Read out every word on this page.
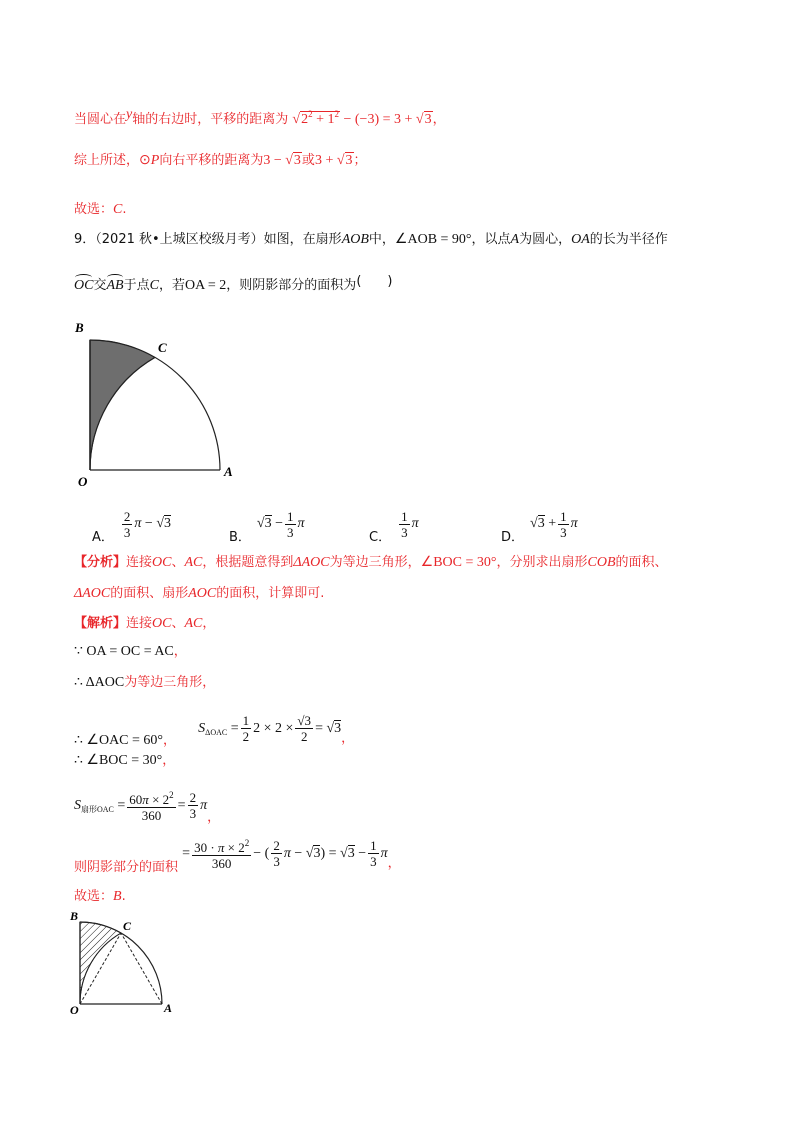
当圆心在y轴的右边时，平移的距离为 $√2^2 + 1^2 - (-3) = 3 + √3$，
综上所述，⊙P向右平移的距离为3 − √3或3 + √3；
故选：C.
9．（2021 秋•上城区校级月考）如图，在扇形AOB中，∠AOB = 90°，以点A为圆心，OA的长为半径作
OC交AB于点C，若OA = 2，则阴影部分的面积为(　　)
B
C
O
A
A． $\frac{2}{3}$ π − √3
B．
$√3 - \frac{1}{3}$ π
C． $\frac{1}{3}$ π
D．
$√3 + \frac{1}{3}$ π
【分析】连接OC、AC，根据题意得到ΔAOC为等边三角形，∠BOC = 30°，分别求出扇形COB的面积、
ΔAOC的面积、扇形AOC的面积，计算即可.
【解析】连接OC、AC，
∵ OA = OC = AC，
∴ ΔAOC为等边三角形，
∴ ∠OAC = 60°， $S_{\Delta OAC} = \frac{1}{2} 2 \times 2 \times \frac{√3}{2} = √3$，
∴ ∠BOC = 30°，
$S_{扇形OAC} = \frac{60\pi \times 2^2}{360} = \frac{2}{3}$ π，
则阴影部分的面积 = $\frac{30 \cdot \pi \times 2^2}{360}$ − ( $\frac{2}{3}$ $\pi - √3) = √3 - \frac{1}{3}$ π，
故选：B.
B
C
O	A
